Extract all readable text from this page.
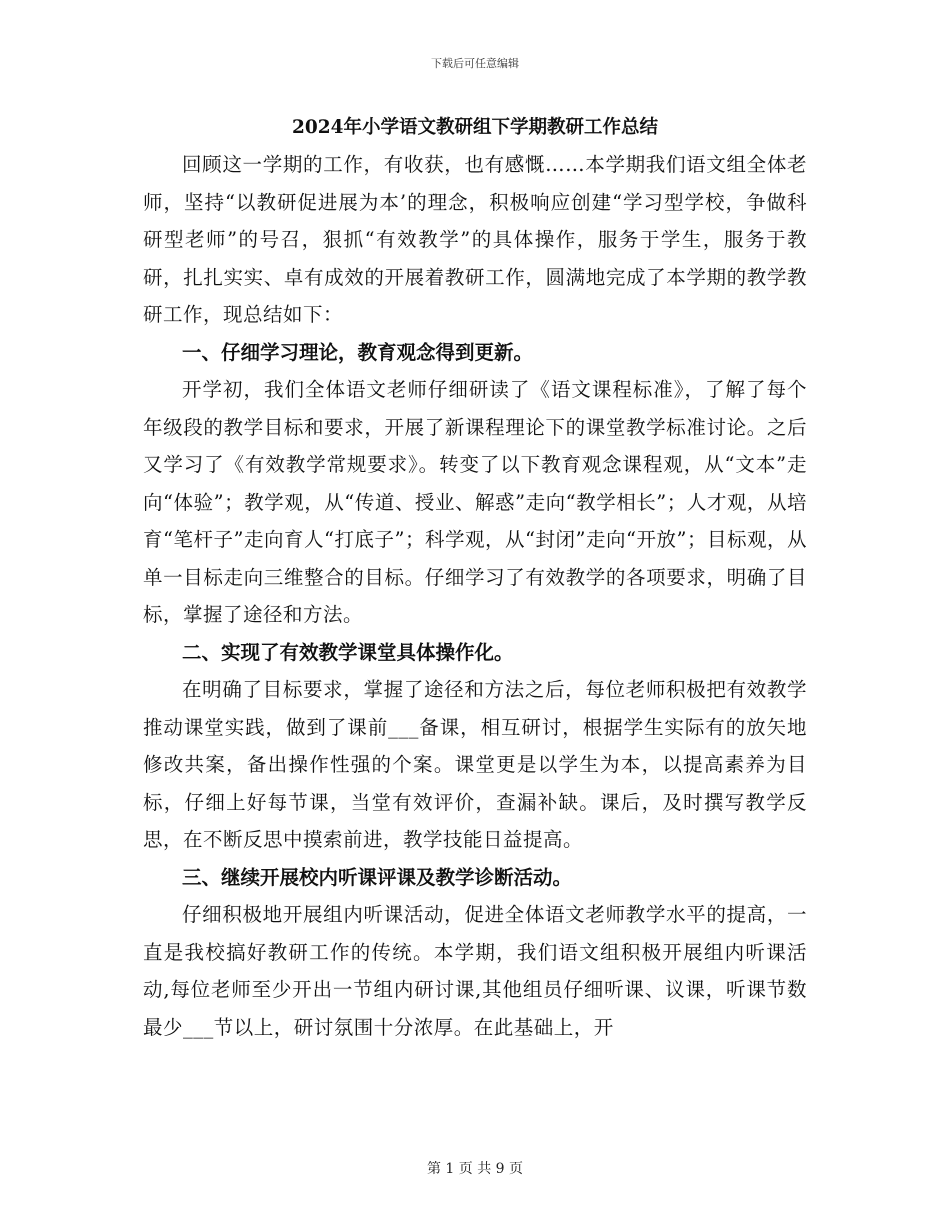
下载后可任意编辑
2024年小学语文教研组下学期教研工作总结

回顾这一学期的工作，有收获，也有感慨……本学期我们语文组全体老师，坚持“以教研促进展为本’的理念，积极响应创建“学习型学校，争做科研型老师”的号召，狠抓“有效教学”的具体操作，服务于学生，服务于教研，扎扎实实、卓有成效的开展着教研工作，圆满地完成了本学期的教学教研工作，现总结如下：

一、仔细学习理论，教育观念得到更新。

开学初，我们全体语文老师仔细研读了《语文课程标准》，了解了每个年级段的教学目标和要求，开展了新课程理论下的课堂教学标准讨论。之后又学习了《有效教学常规要求》。转变了以下教育观念课程观，从“文本”走向“体验”；教学观，从“传道、授业、解惑”走向“教学相长”；人才观，从培育“笔杆子”走向育人“打底子”；科学观，从“封闭”走向“开放”；目标观，从单一目标走向三维整合的目标。仔细学习了有效教学的各项要求，明确了目标，掌握了途径和方法。

二、实现了有效教学课堂具体操作化。

在明确了目标要求，掌握了途径和方法之后，每位老师积极把有效教学推动课堂实践，做到了课前___备课，相互研讨，根据学生实际有的放矢地修改共案，备出操作性强的个案。课堂更是以学生为本，以提高素养为目标，仔细上好每节课，当堂有效评价，查漏补缺。课后，及时撰写教学反思，在不断反思中摸索前进，教学技能日益提高。

三、继续开展校内听课评课及教学诊断活动。

仔细积极地开展组内听课活动，促进全体语文老师教学水平的提高，一直是我校搞好教研工作的传统。本学期，我们语文组积极开展组内听课活动,每位老师至少开出一节组内研讨课,其他组员仔细听课、议课，听课节数最少___节以上，研讨氛围十分浓厚。在此基础上，开

第 1 页 共 9 页
